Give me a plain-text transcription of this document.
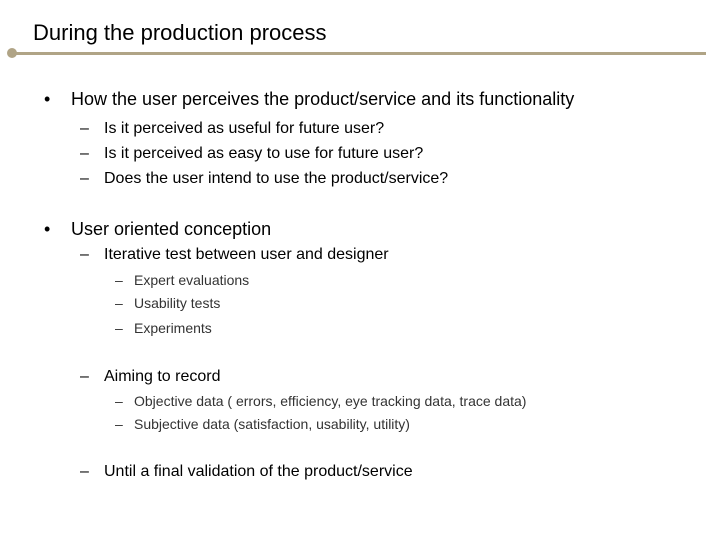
During the production process
• How the user perceives the product/service and its functionality
– Is it perceived as useful for future user?
– Is it perceived as easy to use for future user?
– Does the user intend to use the product/service?
• User oriented conception
– Iterative test between user and designer
– Expert evaluations
– Usability tests
– Experiments
– Aiming to record
– Objective data ( errors, efficiency, eye tracking data, trace data)
– Subjective data (satisfaction, usability, utility)
– Until a final validation of the product/service
